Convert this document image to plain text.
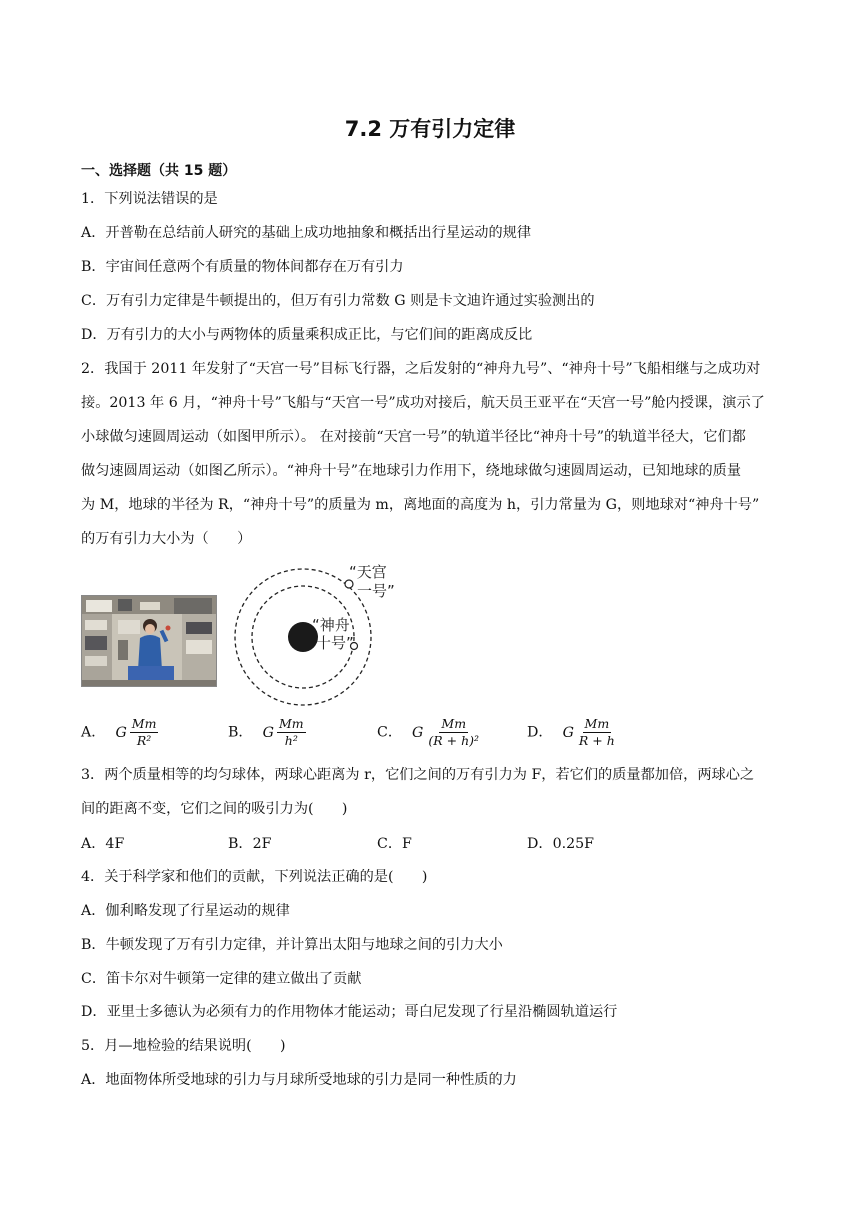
7.2 万有引力定律
一、选择题（共 15 题）
1．下列说法错误的是
A．开普勒在总结前人研究的基础上成功地抽象和概括出行星运动的规律
B．宇宙间任意两个有质量的物体间都存在万有引力
C．万有引力定律是牛顿提出的，但万有引力常数 G 则是卡文迪许通过实验测出的
D．万有引力的大小与两物体的质量乘积成正比，与它们间的距离成反比
2．我国于 2011 年发射了“天宫一号”目标飞行器，之后发射的“神舟九号”、“神舟十号”飞船相继与之成功对
接。2013 年 6 月，“神舟十号”飞船与“天宫一号”成功对接后，航天员王亚平在“天宫一号”舱内授课，演示了
小球做匀速圆周运动（如图甲所示）。 在对接前“天宫一号”的轨道半径比“神舟十号”的轨道半径大，它们都
做匀速圆周运动（如图乙所示）。“神舟十号”在地球引力作用下，绕地球做匀速圆周运动，已知地球的质量
为 M，地球的半径为 R，“神舟十号”的质量为 m，离地面的高度为 h，引力常量为 G，则地球对“神舟十号”
的万有引力大小为（　　）
“天宫
一号”
“神舟
十号”
A． G $\frac{Mm}{\text{R²}}$	B． G $\frac{Mm}{\text{h²}}$	C． G $\frac{Mm}{\text{(R + h)²}}$	D． G $\frac{Mm}{R + h}$
3．两个质量相等的均匀球体，两球心距离为 r，它们之间的万有引力为 F，若它们的质量都加倍，两球心之
间的距离不变，它们之间的吸引力为(　　)
A．4F	B．2F	C．F	D．0.25F
4．关于科学家和他们的贡献，下列说法正确的是(　　)
A．伽利略发现了行星运动的规律
B．牛顿发现了万有引力定律，并计算出太阳与地球之间的引力大小
C．笛卡尔对牛顿第一定律的建立做出了贡献
D．亚里士多德认为必须有力的作用物体才能运动；哥白尼发现了行星沿椭圆轨道运行
5．月—地检验的结果说明(　　)
A．地面物体所受地球的引力与月球所受地球的引力是同一种性质的力
